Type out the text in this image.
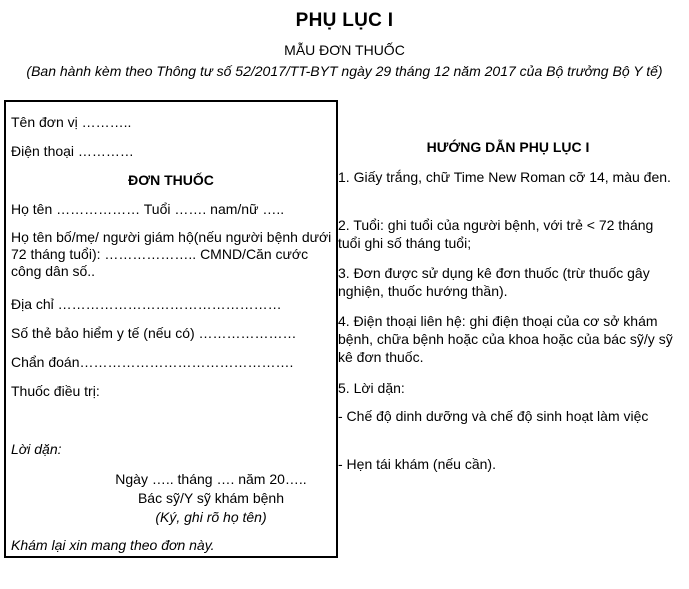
PHỤ LỤC I
MẪU ĐƠN THUỐC
(Ban hành kèm theo Thông tư số 52/2017/TT-BYT ngày 29 tháng 12 năm 2017 của Bộ trưởng Bộ Y tế)
Tên đơn vị ………..
Điện thoại …………
ĐƠN THUỐC
Họ tên ……………… Tuổi ……. nam/nữ …..
Họ tên bố/mẹ/ người giám hộ(nếu người bệnh dưới 72 tháng tuổi): ……………….. CMND/Căn cước công dân số..
Địa chỉ …………………………………………
Số thẻ bảo hiểm y tế (nếu có) …………………
Chẩn đoán……………………………………….
Thuốc điều trị:
Lời dặn:
Ngày ….. tháng …. năm 20…..
Bác sỹ/Y sỹ khám bệnh
(Ký, ghi rõ họ tên)
Khám lại xin mang theo đơn này.
HƯỚNG DẪN PHỤ LỤC I
1. Giấy trắng, chữ Time New Roman cỡ 14, màu đen.
2. Tuổi: ghi tuổi của người bệnh, với trẻ < 72 tháng tuổi ghi số tháng tuổi;
3. Đơn được sử dụng kê đơn thuốc (trừ thuốc gây nghiện, thuốc hướng thần).
4. Điện thoại liên hệ: ghi điện thoại của cơ sở khám bệnh, chữa bệnh hoặc của khoa hoặc của bác sỹ/y sỹ kê đơn thuốc.
5. Lời dặn:
- Chế độ dinh dưỡng và chế độ sinh hoạt làm việc
- Hẹn tái khám (nếu cần).
